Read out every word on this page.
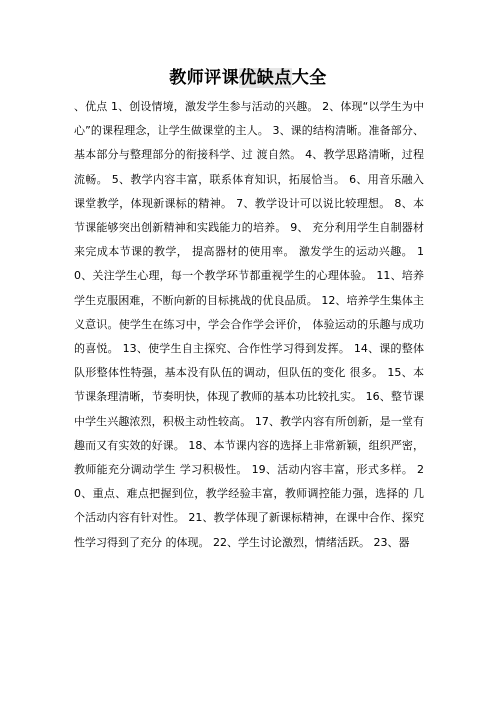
教师评课优缺点大全
、优点 1、创设情境，激发学生参与活动的兴趣。 2、体现“以学生为中心”的课程理念，让学生做课堂的主人。 3、课的结构清晰。准备部分、基本部分与整理部分的衔接科学、过 渡自然。 4、教学思路清晰，过程流畅。 5、教学内容丰富，联系体育知识，拓展恰当。 6、用音乐融入课堂教学，体现新课标的精神。 7、教学设计可以说比较理想。 8、本节课能够突出创新精神和实践能力的培养。 9、 充分利用学生自制器材来完成本节课的教学， 提高器材的使用率。 激发学生的运动兴趣。 10、关注学生心理，每一个教学环节都重视学生的心理体验。 11、培养学生克服困难，不断向新的目标挑战的优良品质。 12、培养学生集体主义意识。使学生在练习中，学会合作学会评价， 体验运动的乐趣与成功的喜悦。 13、使学生自主探究、合作性学习得到发挥。 14、课的整体队形整体性特强，基本没有队伍的调动，但队伍的变化 很多。 15、本节课条理清晰，节奏明快，体现了教师的基本功比较扎实。 16、整节课中学生兴趣浓烈，积极主动性较高。 17、教学内容有所创新，是一堂有趣而又有实效的好课。 18、本节课内容的选择上非常新颖，组织严密，教师能充分调动学生 学习积极性。 19、活动内容丰富，形式多样。 20、重点、难点把握到位，教学经验丰富，教师调控能力强，选择的 几个活动内容有针对性。 21、教学体现了新课标精神，在课中合作、探究性学习得到了充分 的体现。 22、学生讨论激烈，情绪活跃。 23、器
